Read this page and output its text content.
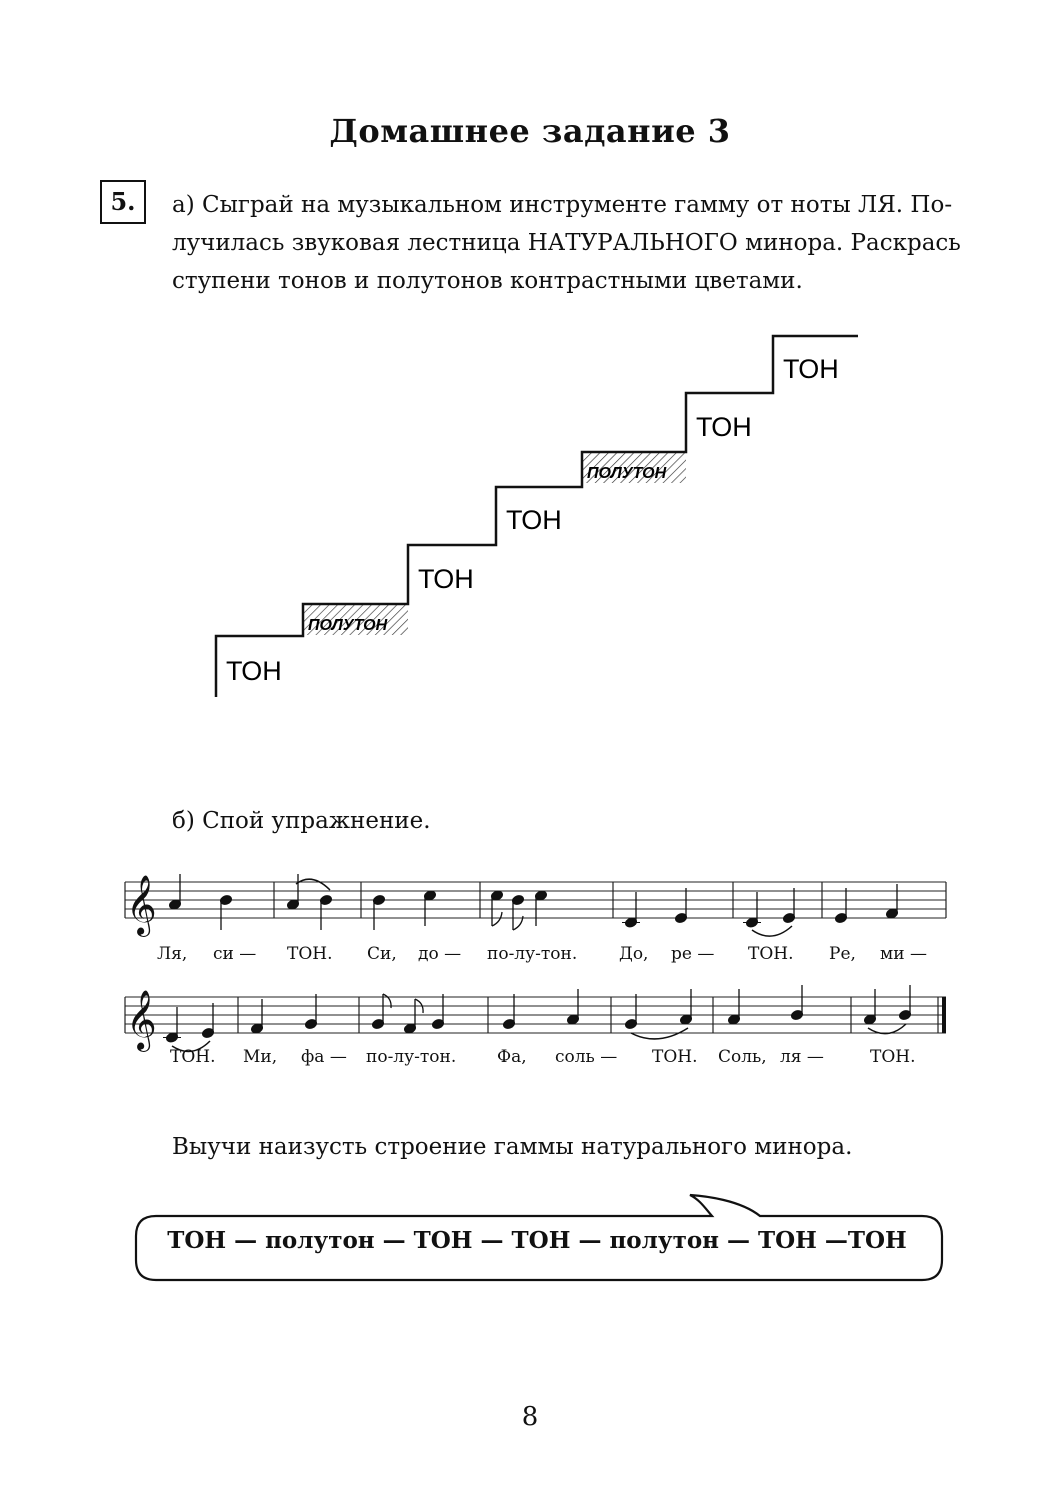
Домашнее задание 3
5.	а) Сыграй на музыкальном инструменте гамму от ноты ЛЯ. По-
лучилась звуковая лестница НАТУРАЛЬНОГО минора. Раскрась
ступени тонов и полутонов контрастными цветами.
ТОН
ПОЛУТОН
ТОН
ТОН
ПОЛУТОН
ТОН
ТОН
б) Спой упражнение.
𝄞
Ля, си — ТОН. Си, до — по-лу-тон. До, ре — ТОН. Ре, ми —
𝄞
ТОН. Ми, фа — по-лу-тон. Фа, соль — ТОН. Соль, ля —	ТОН.
Выучи наизусть строение гаммы натурального минора.
ТОН — полутон — ТОН — ТОН — полутон — ТОН —ТОН
8
